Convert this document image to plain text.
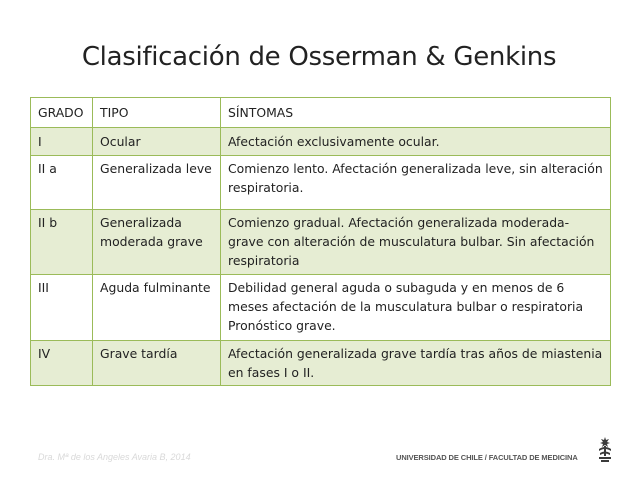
Clasificación de Osserman & Genkins
GRADO	TIPO	SÍNTOMAS
I	Ocular	Afectación exclusivamente ocular.
II a	Generalizada leve	Comienzo lento. Afectación generalizada leve, sin alteración respiratoria.
II b	Generalizada moderada grave	Comienzo gradual. Afectación generalizada moderada-grave con alteración de musculatura bulbar. Sin afectación respiratoria
III	Aguda fulminante	Debilidad general aguda o subaguda y en menos de 6 meses afectación de la musculatura bulbar o respiratoria Pronóstico grave.
IV	Grave tardía	Afectación generalizada grave tardía tras años de miastenia en fases I o II.
Dra. Mª de los Angeles Avaria B, 2014	UNIVERSIDAD DE CHILE / FACULTAD DE MEDICINA
